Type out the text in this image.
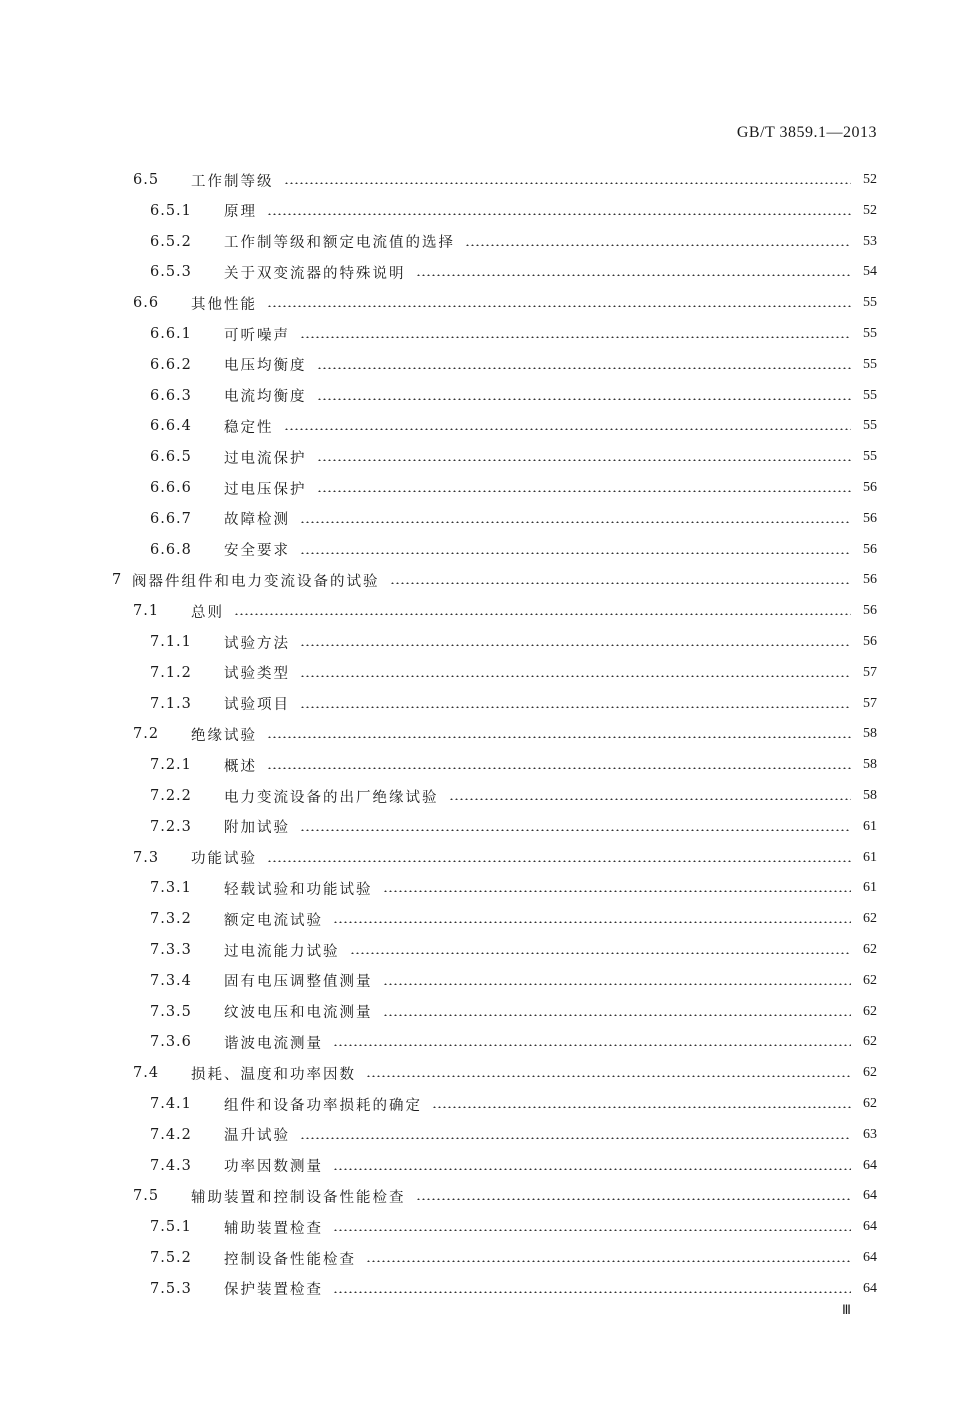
GB/T 3859.1—2013
6.5	工作制等级	52
6.5.1	原理	52
6.5.2	工作制等级和额定电流值的选择	53
6.5.3	关于双变流器的特殊说明	54
6.6	其他性能	55
6.6.1	可听噪声	55
6.6.2	电压均衡度	55
6.6.3	电流均衡度	55
6.6.4	稳定性	55
6.6.5	过电流保护	55
6.6.6	过电压保护	56
6.6.7	故障检测	56
6.6.8	安全要求	56
7 阀器件组件和电力变流设备的试验	56
7.1	总则	56
7.1.1	试验方法	56
7.1.2	试验类型	57
7.1.3	试验项目	57
7.2	绝缘试验	58
7.2.1	概述	58
7.2.2	电力变流设备的出厂绝缘试验	58
7.2.3	附加试验	61
7.3	功能试验	61
7.3.1	轻载试验和功能试验	61
7.3.2	额定电流试验	62
7.3.3	过电流能力试验	62
7.3.4	固有电压调整值测量	62
7.3.5	纹波电压和电流测量	62
7.3.6	谐波电流测量	62
7.4	损耗、温度和功率因数	62
7.4.1	组件和设备功率损耗的确定	62
7.4.2	温升试验	63
7.4.3	功率因数测量	64
7.5	辅助装置和控制设备性能检查	64
7.5.1	辅助装置检查	64
7.5.2	控制设备性能检查	64
7.5.3	保护装置检查	64
Ⅲ
